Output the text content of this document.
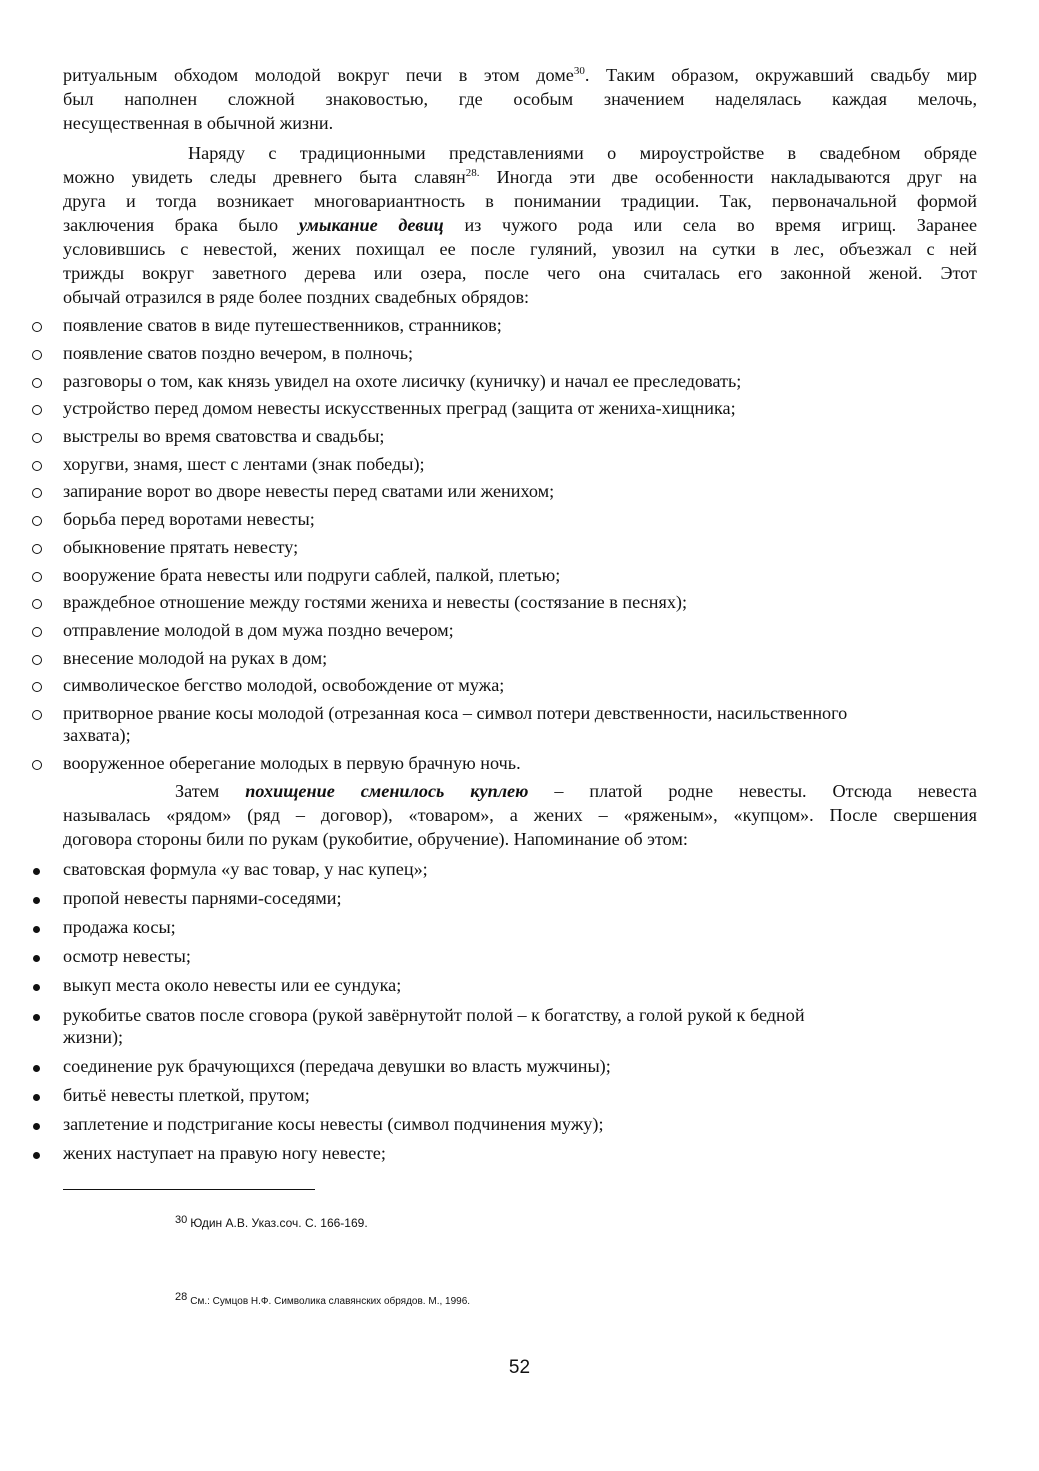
ритуальным обходом молодой вокруг печи в этом доме$^{30}$. Таким образом, окружавший свадьбу мир
был наполнен сложной знаковостью, где особым значением наделялась каждая мелочь,
несущественная в обычной жизни.
Наряду с традиционными представлениями о мироустройстве в свадебном обряде
можно увидеть следы древнего быта славян$^{28.}$ Иногда эти две особенности накладываются друг на
друга и тогда возникает многовариантность в понимании традиции. Так, первоначальной формой
заключения брака было умыкание девиц из чужого рода или села во время игрищ. Заранее
условившись с невестой, жених похищал ее после гуляний, увозил на сутки в лес, объезжал с ней
трижды вокруг заветного дерева или озера, после чего она считалась его законной женой. Этот
обычай отразился в ряде более поздних свадебных обрядов:
появление сватов в виде путешественников, странников;
появление сватов поздно вечером, в полночь;
разговоры о том, как князь увидел на охоте лисичку (куничку) и начал ее преследовать;
устройство перед домом невесты искусственных преград (защита от жениха-хищника;
выстрелы во время сватовства и свадьбы;
хоругви, знамя, шест с лентами (знак победы);
запирание ворот во дворе невесты перед сватами или женихом;
борьба перед воротами невесты;
обыкновение прятать невесту;
вооружение брата невесты или подруги саблей, палкой, плетью;
враждебное отношение между гостями жениха и невесты (состязание в песнях);
отправление молодой в дом мужа поздно вечером;
внесение молодой на руках в дом;
символическое бегство молодой, освобождение от мужа;
притворное рвание косы молодой (отрезанная коса – символ потери девственности, насильственного
захвата);
вооруженное оберегание молодых в первую брачную ночь.
Затем похищение сменилось куплею – платой родне невесты. Отсюда невеста
называлась «рядом» (ряд – договор), «товаром», а жених – «ряженым», «купцом». После свершения
договора стороны били по рукам (рукобитие, обручение). Напоминание об этом:
сватовская формула «у вас товар, у нас купец»;
пропой невесты парнями-соседями;
продажа косы;
осмотр невесты;
выкуп места около невесты или ее сундука;
рукобитье сватов после сговора (рукой завёрнутойт полой – к богатству, а голой рукой к бедной
жизни);
соединение рук брачующихся (передача девушки во власть мужчины);
битьё невесты плеткой, прутом;
заплетение и подстригание косы невесты (символ подчинения мужу);
жених наступает на правую ногу невесте;
30 Юдин А.В. Указ.соч. С. 166-169.
28 См.: Сумцов Н.Ф. Символика славянских обрядов. М., 1996.
52
